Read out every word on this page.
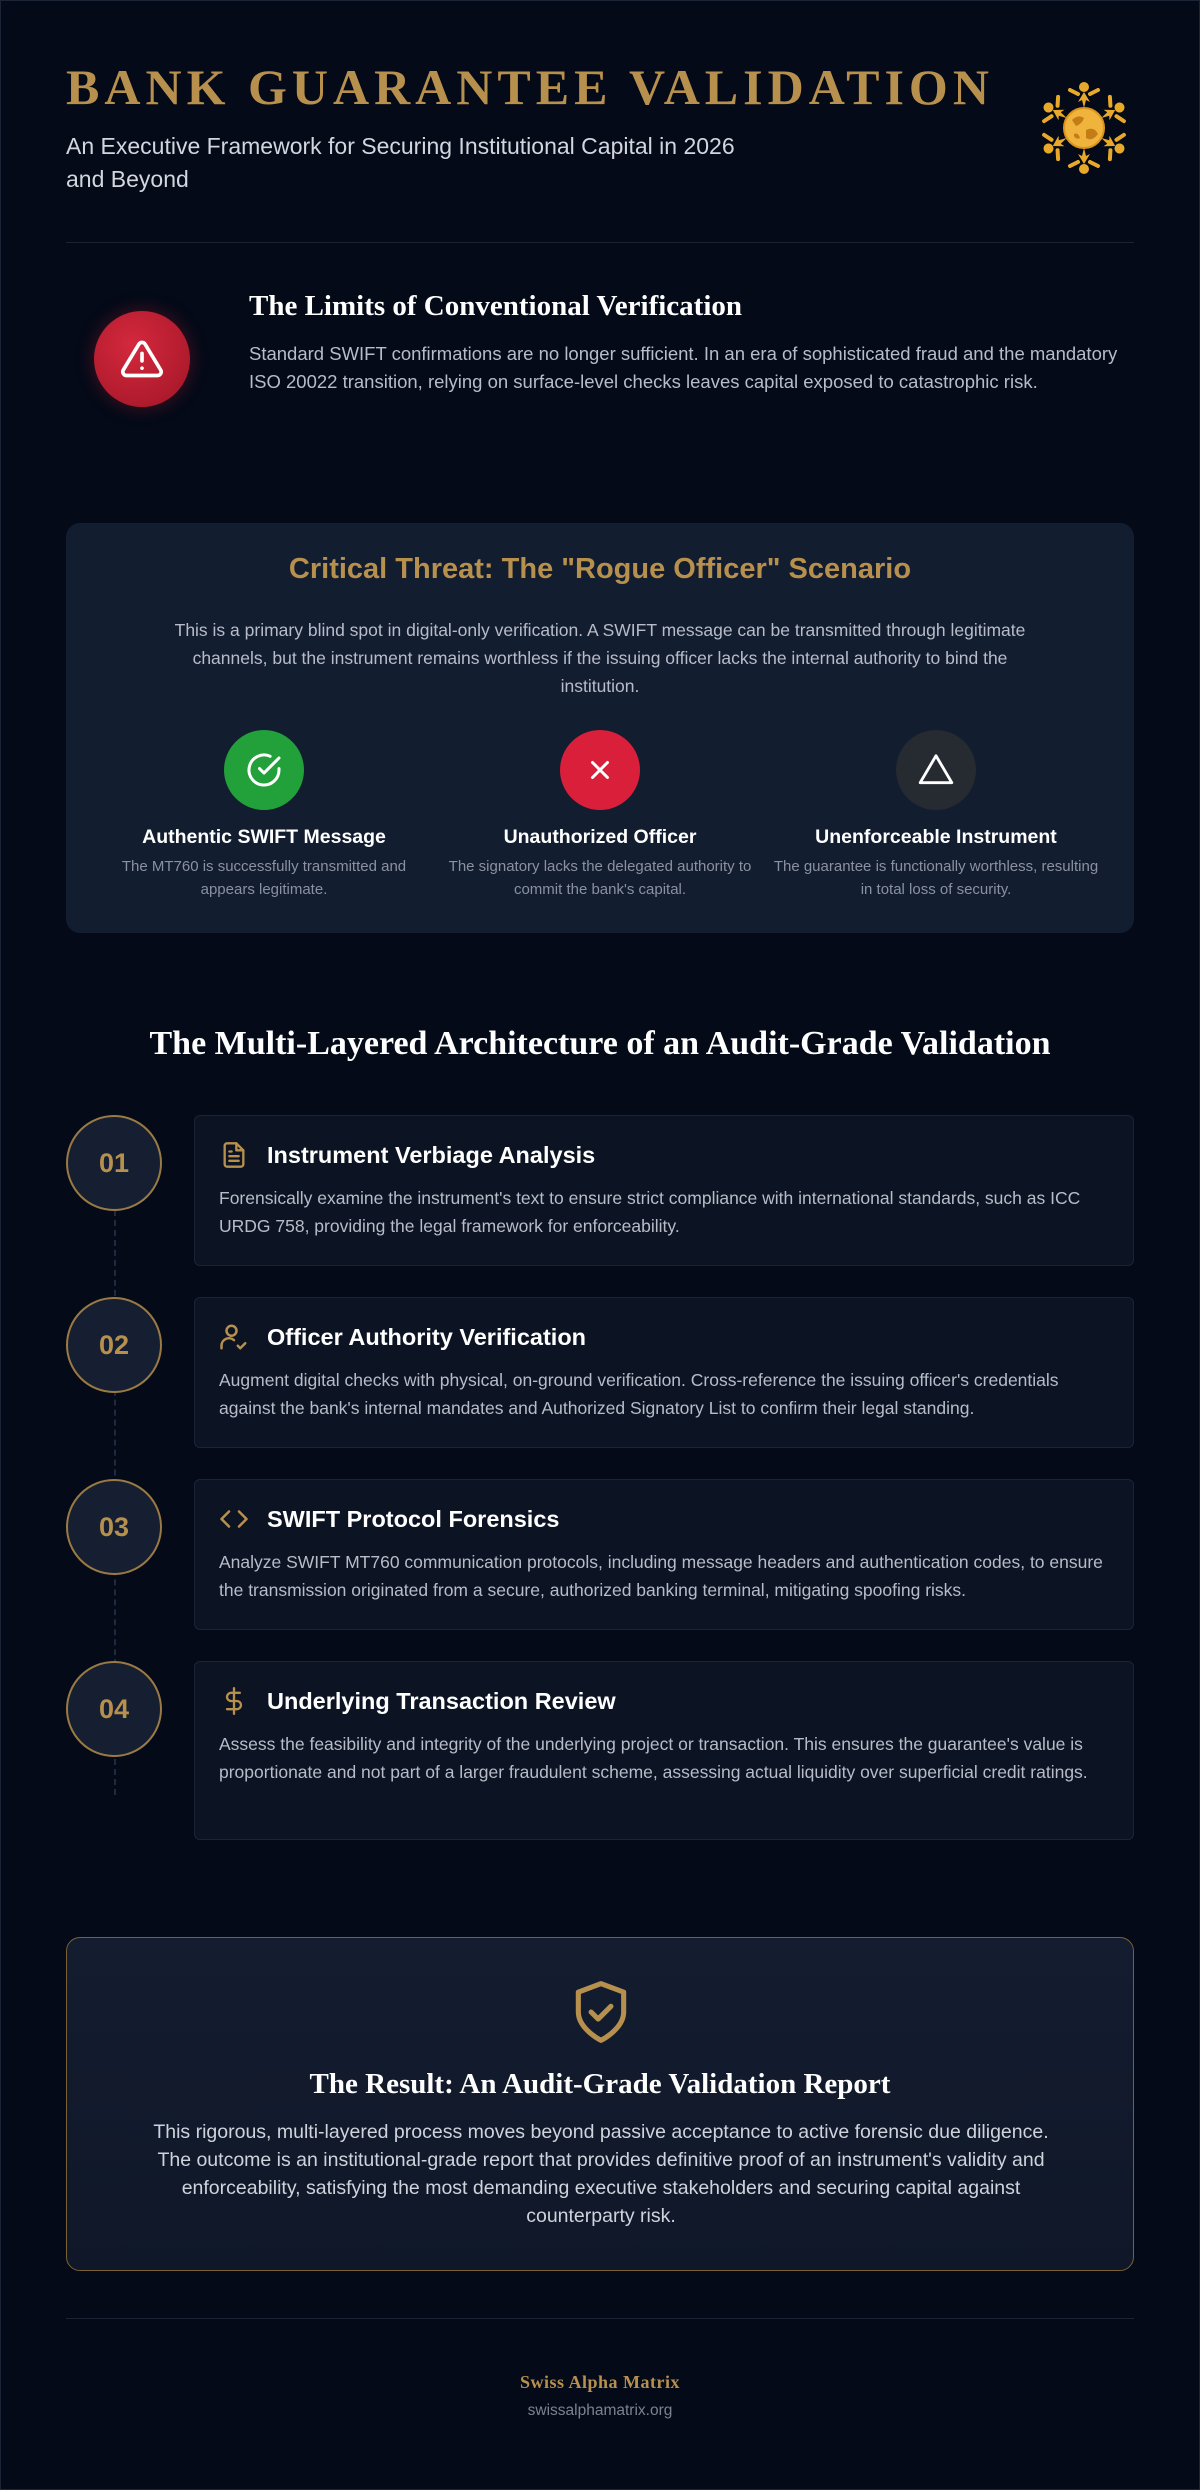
BANK GUARANTEE VALIDATION

An Executive Framework for Securing Institutional Capital in 2026 and Beyond

The Limits of Conventional Verification

Standard SWIFT confirmations are no longer sufficient. In an era of sophisticated fraud and the mandatory ISO 20022 transition, relying on surface-level checks leaves capital exposed to catastrophic risk.

Critical Threat: The "Rogue Officer" Scenario

This is a primary blind spot in digital-only verification. A SWIFT message can be transmitted through legitimate channels, but the instrument remains worthless if the issuing officer lacks the internal authority to bind the institution.

Authentic SWIFT Message
The MT760 is successfully transmitted and appears legitimate.
Unauthorized Officer
The signatory lacks the delegated authority to commit the bank's capital.
Unenforceable Instrument
The guarantee is functionally worthless, resulting in total loss of security.
The Multi-Layered Architecture of an Audit-Grade Validation
01	Instrument Verbiage Analysis

Forensically examine the instrument's text to ensure strict compliance with international standards, such as ICC URDG 758, providing the legal framework for enforceability.

02	Officer Authority Verification

Augment digital checks with physical, on-ground verification. Cross-reference the issuing officer's credentials against the bank's internal mandates and Authorized Signatory List to confirm their legal standing.

03	SWIFT Protocol Forensics

Analyze SWIFT MT760 communication protocols, including message headers and authentication codes, to ensure the transmission originated from a secure, authorized banking terminal, mitigating spoofing risks.

04	Underlying Transaction Review

Assess the feasibility and integrity of the underlying project or transaction. This ensures the guarantee's value is proportionate and not part of a larger fraudulent scheme, assessing actual liquidity over superficial credit ratings.

The Result: An Audit-Grade Validation Report

This rigorous, multi-layered process moves beyond passive acceptance to active forensic due diligence. The outcome is an institutional-grade report that provides definitive proof of an instrument's validity and enforceability, satisfying the most demanding executive stakeholders and securing capital against counterparty risk.

Swiss Alpha Matrix
swissalphamatrix.org
